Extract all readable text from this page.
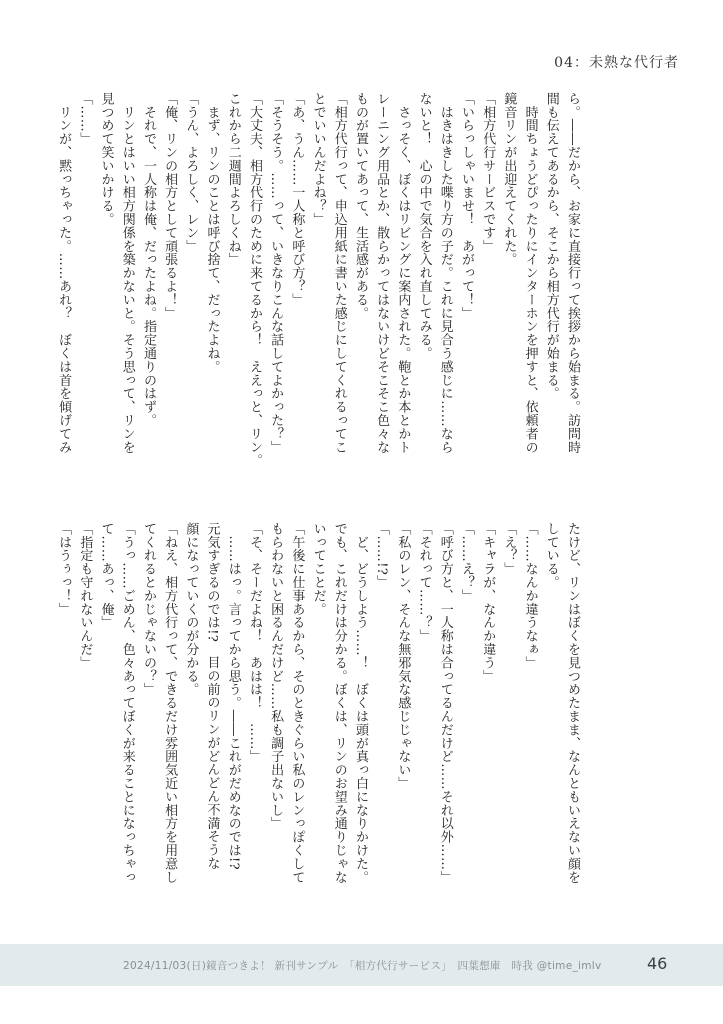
04：未熟な代行者
ら。――だから、お家に直接行って挨拶から始まる。訪問時
間も伝えてあるから、そこから相方代行が始まる。
　時間ちょうどぴったりにインターホンを押すと、依頼者の
鏡音リンが出迎えてくれた。
「相方代行サービスです」
「いらっしゃいませ！　あがって！」
　はきはきした喋り方の子だ。これに見合う感じに……なら
ないと！　心の中で気合を入れ直してみる。
　さっそく、ぼくはリビングに案内された。鞄とか本とかト
レーニング用品とか、散らかってはないけどそこそこ色々な
ものが置いてあって、生活感がある。
「相方代行って、申込用紙に書いた感じにしてくれるってこ
とでいいんだよね？」
「あ、うん……一人称と呼び方？」
「そうそう。……って、いきなりこんな話してよかった？」
「大丈夫、相方代行のために来てるから！　ええっと、リン。
これから二週間よろしくね」
　まず、リンのことは呼び捨て、だったよね。
「うん、よろしく、レン」
「俺、リンの相方として頑張るよ！」
　それで、一人称は俺、だったよね。指定通りのはず。
　リンとはいい相方関係を築かないと。そう思って、リンを
見つめて笑いかける。
「……」
　リンが、黙っちゃった。……あれ？　ぼくは首を傾げてみ
たけど、リンはぼくを見つめたまま、なんともいえない顔を
している。
「……なんか違うなぁ」
「え？」
「キャラが、なんか違う」
「……え？」
「呼び方と、一人称は合ってるんだけど……それ以外……」
「それって……？」
「私のレン、そんな無邪気な感じじゃない」
「……!?」
　ど、どうしよう……！　ぼくは頭が真っ白になりかけた。
でも、これだけは分かる。ぼくは、リンのお望み通りじゃな
いってことだ。
「午後に仕事あるから、そのときぐらい私のレンっぽくして
もらわないと困るんだけど……私も調子出ないし」
「そ、そーだよね！　あはは！　……」
　……はっ。言ってから思う。――これがだめなのでは!?
元気すぎるのでは!?　目の前のリンがどんどん不満そうな
顔になっていくのが分かる。
「ねえ、相方代行って、できるだけ雰囲気近い相方を用意し
てくれるとかじゃないの？」
「うっ……ごめん、色々あってぼくが来ることになっちゃっ
て……あっ、俺」
「指定も守れないんだ」
「はうぅっ！」
2024/11/03(日)鏡音つきよ！ 新刊サンプル　「相方代行サービス」　四葉想庫　時我 @time_imlv	46
